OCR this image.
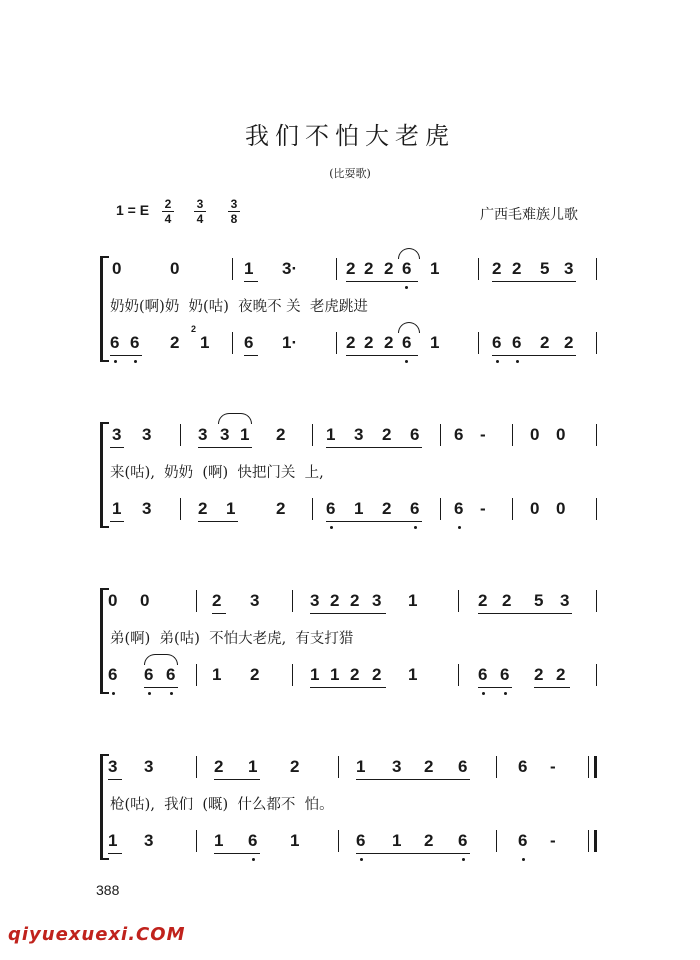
我们不怕大老虎
(比耍歌)
1 = E	2
4
3
4
3
8	广西毛难族儿歌
0	0	1 3·	2 2 2 6 1	2 2 5 3
奶奶(啊)奶  奶(咕)  夜晚不 关  老虎跳进
6 6 2 1 6 1·	2 2 2 6 1	6 6 2 2
2
3 3	3 3 1 2 1 3 2 6 6 -	0 0
来(咕),  奶奶  (啊)  快把门关  上,
1 3	2 1 2 6 1 2 6 6 -	0 0
0 0	2 3	3 2 2 3 1	2 2 5 3
弟(啊)  弟(咕)  不怕大老虎,  有支打猎
6 6 6 1 2	1 1 2 2 1	6 6 2 2
3 3	2 1 2	1 3 2 6	6 -
枪(咕),  我们  (嘅)  什么都不  怕。
1 3	1 6 1	6 1 2 6	6 -
388
qiyuexuexi.COM
